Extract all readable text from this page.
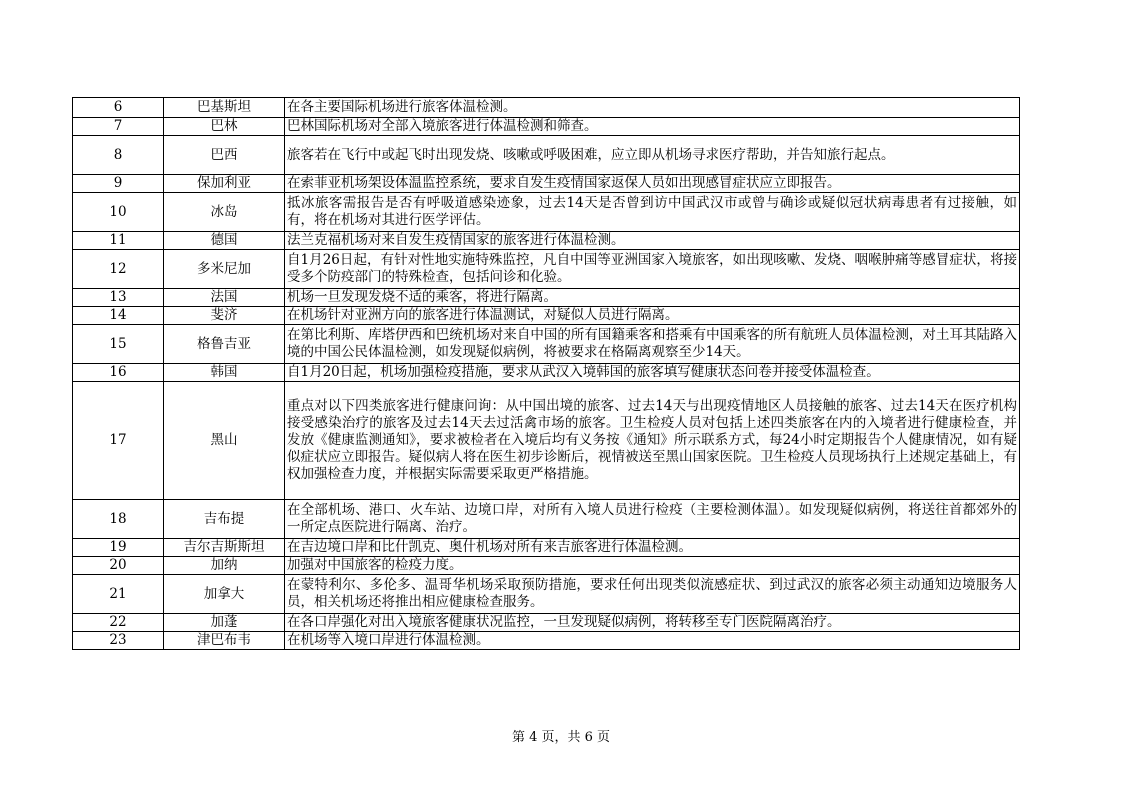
6	巴基斯坦	在各主要国际机场进行旅客体温检测。
7	巴林	巴林国际机场对全部入境旅客进行体温检测和筛查。
8	巴西	旅客若在飞行中或起飞时出现发烧、咳嗽或呼吸困难，应立即从机场寻求医疗帮助，并告知旅行起点。
9	保加利亚	在索菲亚机场架设体温监控系统，要求自发生疫情国家返保人员如出现感冒症状应立即报告。
10	冰岛	抵冰旅客需报告是否有呼吸道感染迹象，过去14天是否曾到访中国武汉市或曾与确诊或疑似冠状病毒患者有过接触，如有，将在机场对其进行医学评估。
11	德国	法兰克福机场对来自发生疫情国家的旅客进行体温检测。
12	多米尼加	自1月26日起，有针对性地实施特殊监控，凡自中国等亚洲国家入境旅客，如出现咳嗽、发烧、咽喉肿痛等感冒症状，将接受多个防疫部门的特殊检查，包括问诊和化验。
13	法国	机场一旦发现发烧不适的乘客，将进行隔离。
14	斐济	在机场针对亚洲方向的旅客进行体温测试，对疑似人员进行隔离。
15	格鲁吉亚	在第比利斯、库塔伊西和巴统机场对来自中国的所有国籍乘客和搭乘有中国乘客的所有航班人员体温检测，对土耳其陆路入境的中国公民体温检测，如发现疑似病例，将被要求在格隔离观察至少14天。
16	韩国	自1月20日起，机场加强检疫措施，要求从武汉入境韩国的旅客填写健康状态问卷并接受体温检查。
17	黑山	重点对以下四类旅客进行健康问询：从中国出境的旅客、过去14天与出现疫情地区人员接触的旅客、过去14天在医疗机构接受感染治疗的旅客及过去14天去过活禽市场的旅客。卫生检疫人员对包括上述四类旅客在内的入境者进行健康检查，并发放《健康监测通知》，要求被检者在入境后均有义务按《通知》所示联系方式，每24小时定期报告个人健康情况，如有疑似症状应立即报告。疑似病人将在医生初步诊断后，视情被送至黑山国家医院。卫生检疫人员现场执行上述规定基础上，有权加强检查力度，并根据实际需要采取更严格措施。
18	吉布提	在全部机场、港口、火车站、边境口岸，对所有入境人员进行检疫（主要检测体温）。如发现疑似病例，将送往首都郊外的一所定点医院进行隔离、治疗。
19	吉尔吉斯斯坦	在吉边境口岸和比什凯克、奥什机场对所有来吉旅客进行体温检测。
20	加纳	加强对中国旅客的检疫力度。
21	加拿大	在蒙特利尔、多伦多、温哥华机场采取预防措施，要求任何出现类似流感症状、到过武汉的旅客必须主动通知边境服务人员，相关机场还将推出相应健康检查服务。
22	加蓬	在各口岸强化对出入境旅客健康状况监控，一旦发现疑似病例，将转移至专门医院隔离治疗。
23	津巴布韦	在机场等入境口岸进行体温检测。
第 4 页，共 6 页
